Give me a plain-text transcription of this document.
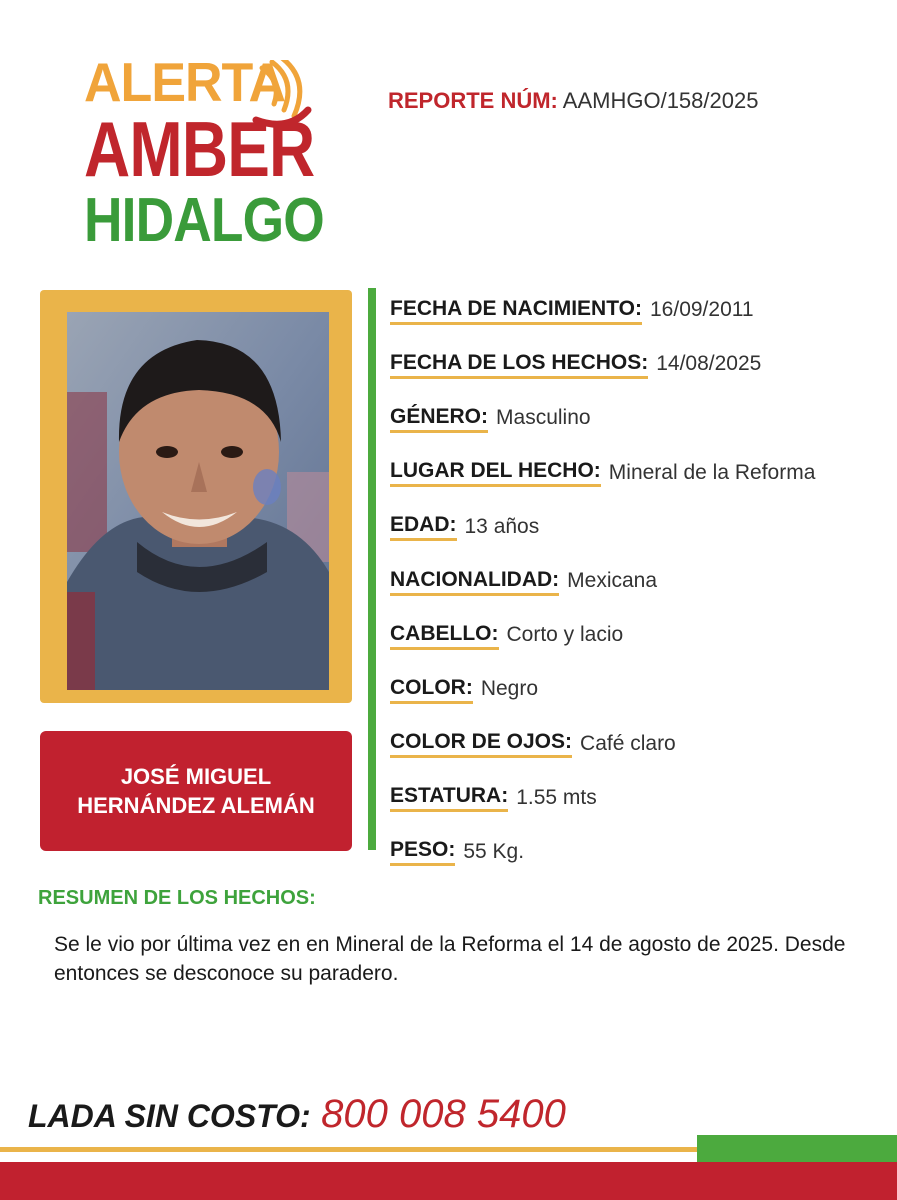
ALERTA
AMBER
HIDALGO
REPORTE NÚM: AAMHGO/158/2025
JOSÉ MIGUEL
HERNÁNDEZ ALEMÁN
FECHA DE NACIMIENTO: 16/09/2011
FECHA DE LOS HECHOS: 14/08/2025
GÉNERO: Masculino
LUGAR DEL HECHO: Mineral de la Reforma
EDAD: 13 años
NACIONALIDAD: Mexicana
CABELLO: Corto y lacio
COLOR: Negro
COLOR DE OJOS: Café claro
ESTATURA: 1.55 mts
PESO: 55 Kg.
RESUMEN DE LOS HECHOS:
Se le vio por última vez en en Mineral de la Reforma el 14 de agosto de 2025. Desde entonces se desconoce su paradero.
LADA SIN COSTO: 800 008 5400
